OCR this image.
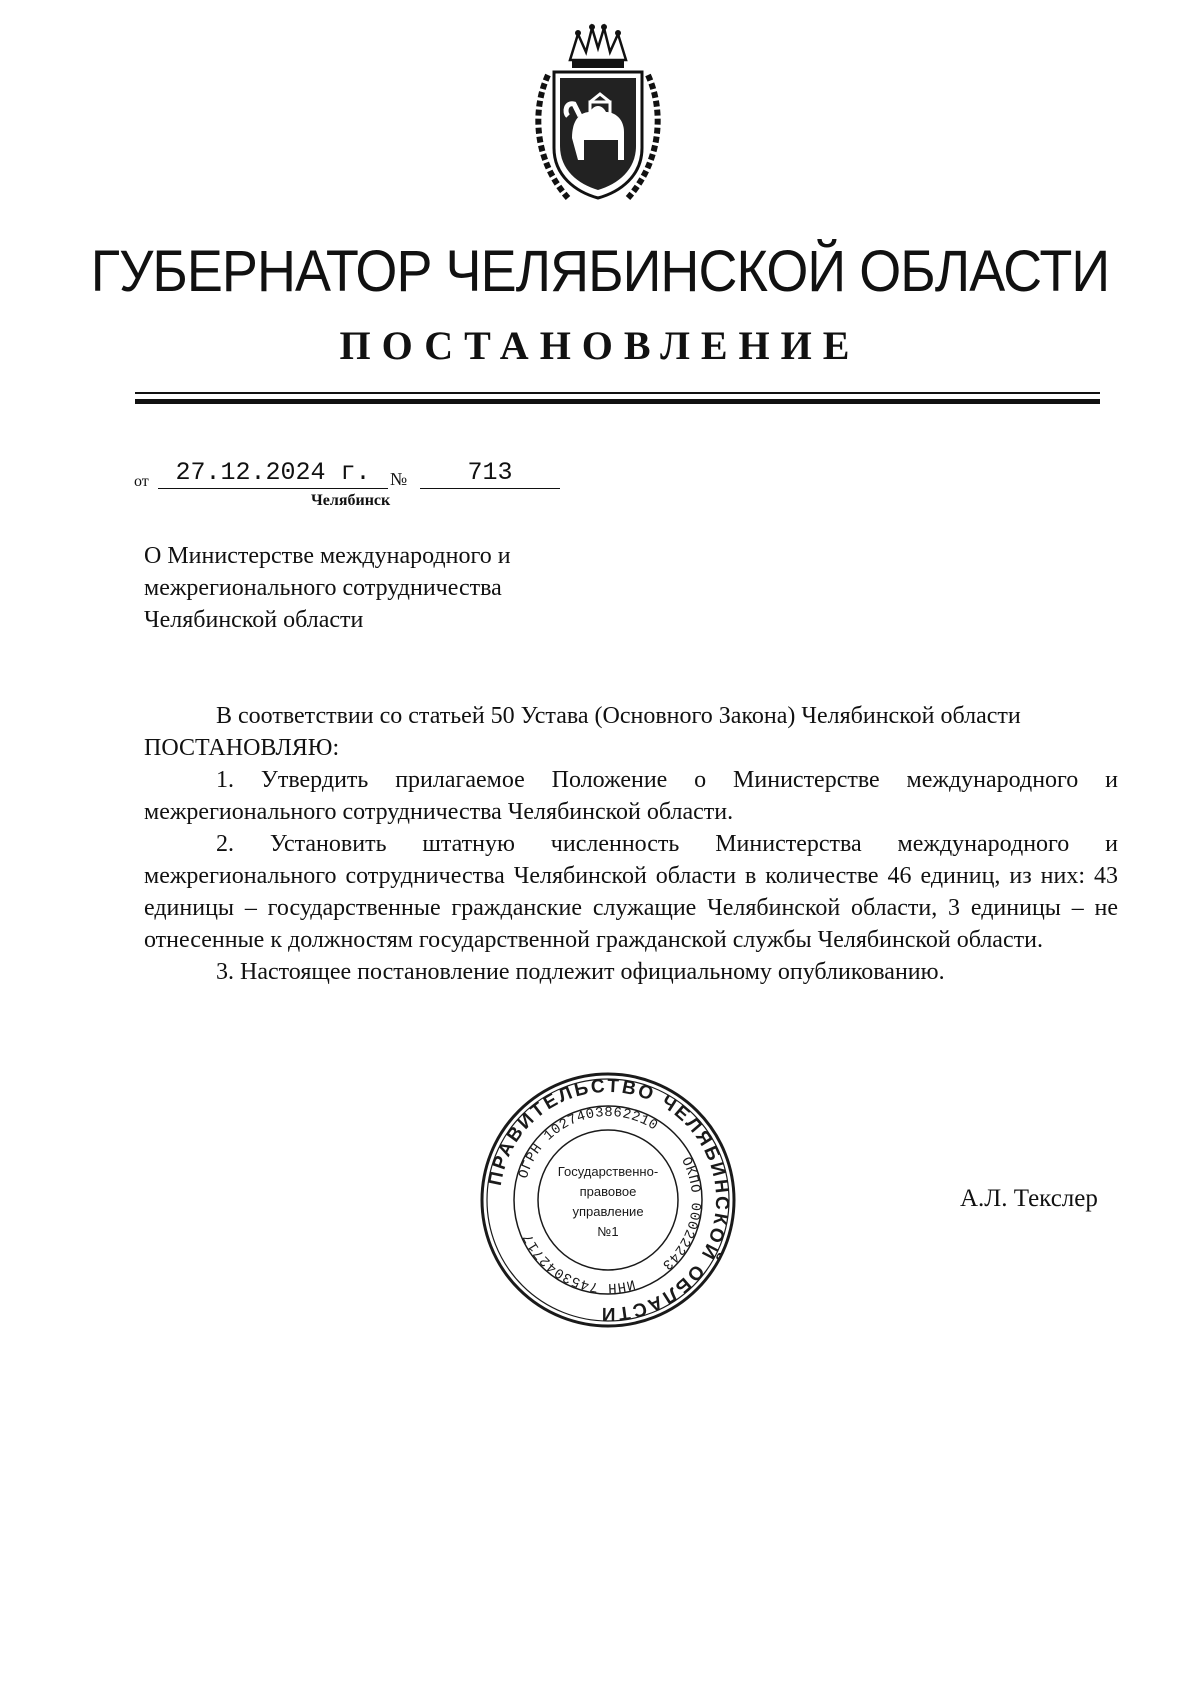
ГУБЕРНАТОР ЧЕЛЯБИНСКОЙ ОБЛАСТИ
ПОСТАНОВЛЕНИЕ
от	27.12.2024 г.	№	713
Челябинск
О Министерстве международного и
межрегионального сотрудничества
Челябинской области

В соответствии со статьей 50 Устава (Основного Закона) Челябинской области

ПОСТАНОВЛЯЮ:

1. Утвердить прилагаемое Положение о Министерстве международного и межрегионального сотрудничества Челябинской области.

2. Установить штатную численность Министерства международного и межрегионального сотрудничества Челябинской области в количестве 46 единиц, из них: 43 единицы – государственные гражданские служащие Челябинской области, 3 единицы – не отнесенные к должностям государственной гражданской службы Челябинской области.

3. Настоящее постановление подлежит официальному опубликованию.

ПРАВИТЕЛЬСТВО ЧЕЛЯБИНСКОЙ ОБЛАСТИ
ОГРН 1027403862210
ОКПО 00022243
ИНН 7453042717
Государственно-
правовое
управление
№1
А.Л. Текслер
